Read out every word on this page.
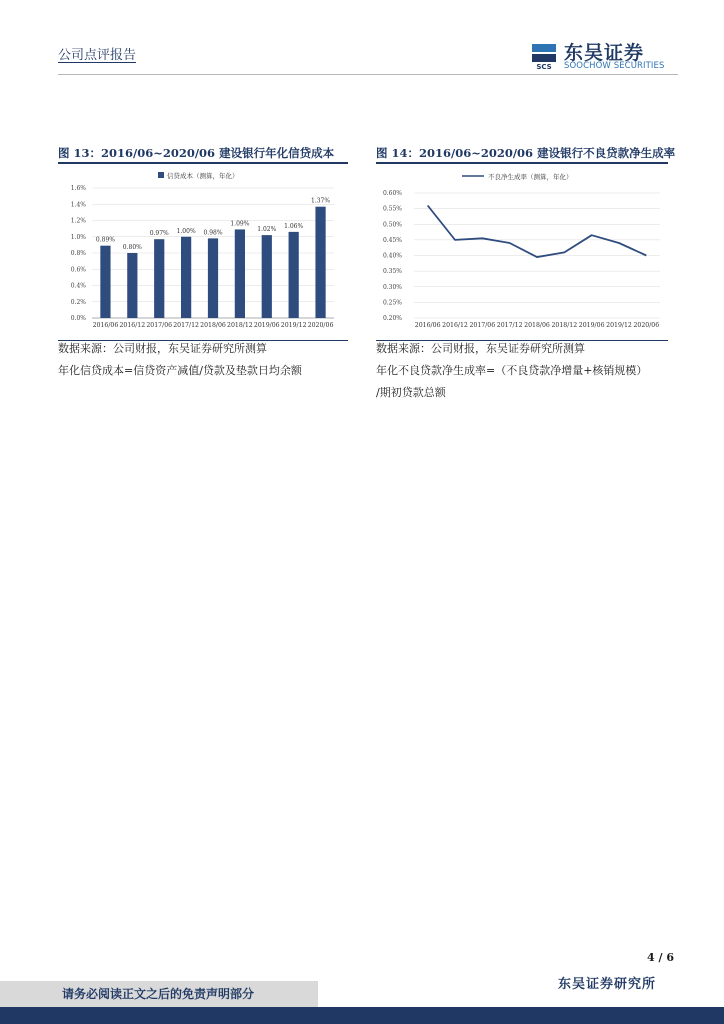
公司点评报告
SCS
东吴证券
SOOCHOW SECURITIES
图 13：2016/06~2020/06 建设银行年化信贷成本
信贷成本（测算，年化）
0.0%
0.2%
0.4%
0.6%
0.8%
1.0%
1.2%
1.4%
1.6%
0.89%
2016/06
0.80%
2016/12
0.97%
2017/06
1.00%
2017/12
0.98%
2018/06
1.09%
2018/12
1.02%
2019/06
1.06%
2019/12
1.37%
2020/06
数据来源：公司财报，东吴证券研究所测算
年化信贷成本=信贷资产减值/贷款及垫款日均余额
图 14：2016/06~2020/06 建设银行不良贷款净生成率
不良净生成率（测算，年化）
0.20%
0.25%
0.30%
0.35%
0.40%
0.45%
0.50%
0.55%
0.60%
2016/06 2016/12 2017/06 2017/12 2018/06 2018/12 2019/06 2019/12 2020/06
数据来源：公司财报，东吴证券研究所测算
年化不良贷款净生成率=（不良贷款净增量+核销规模）
/期初贷款总额
4 / 6
请务必阅读正文之后的免责声明部分
东吴证券研究所
